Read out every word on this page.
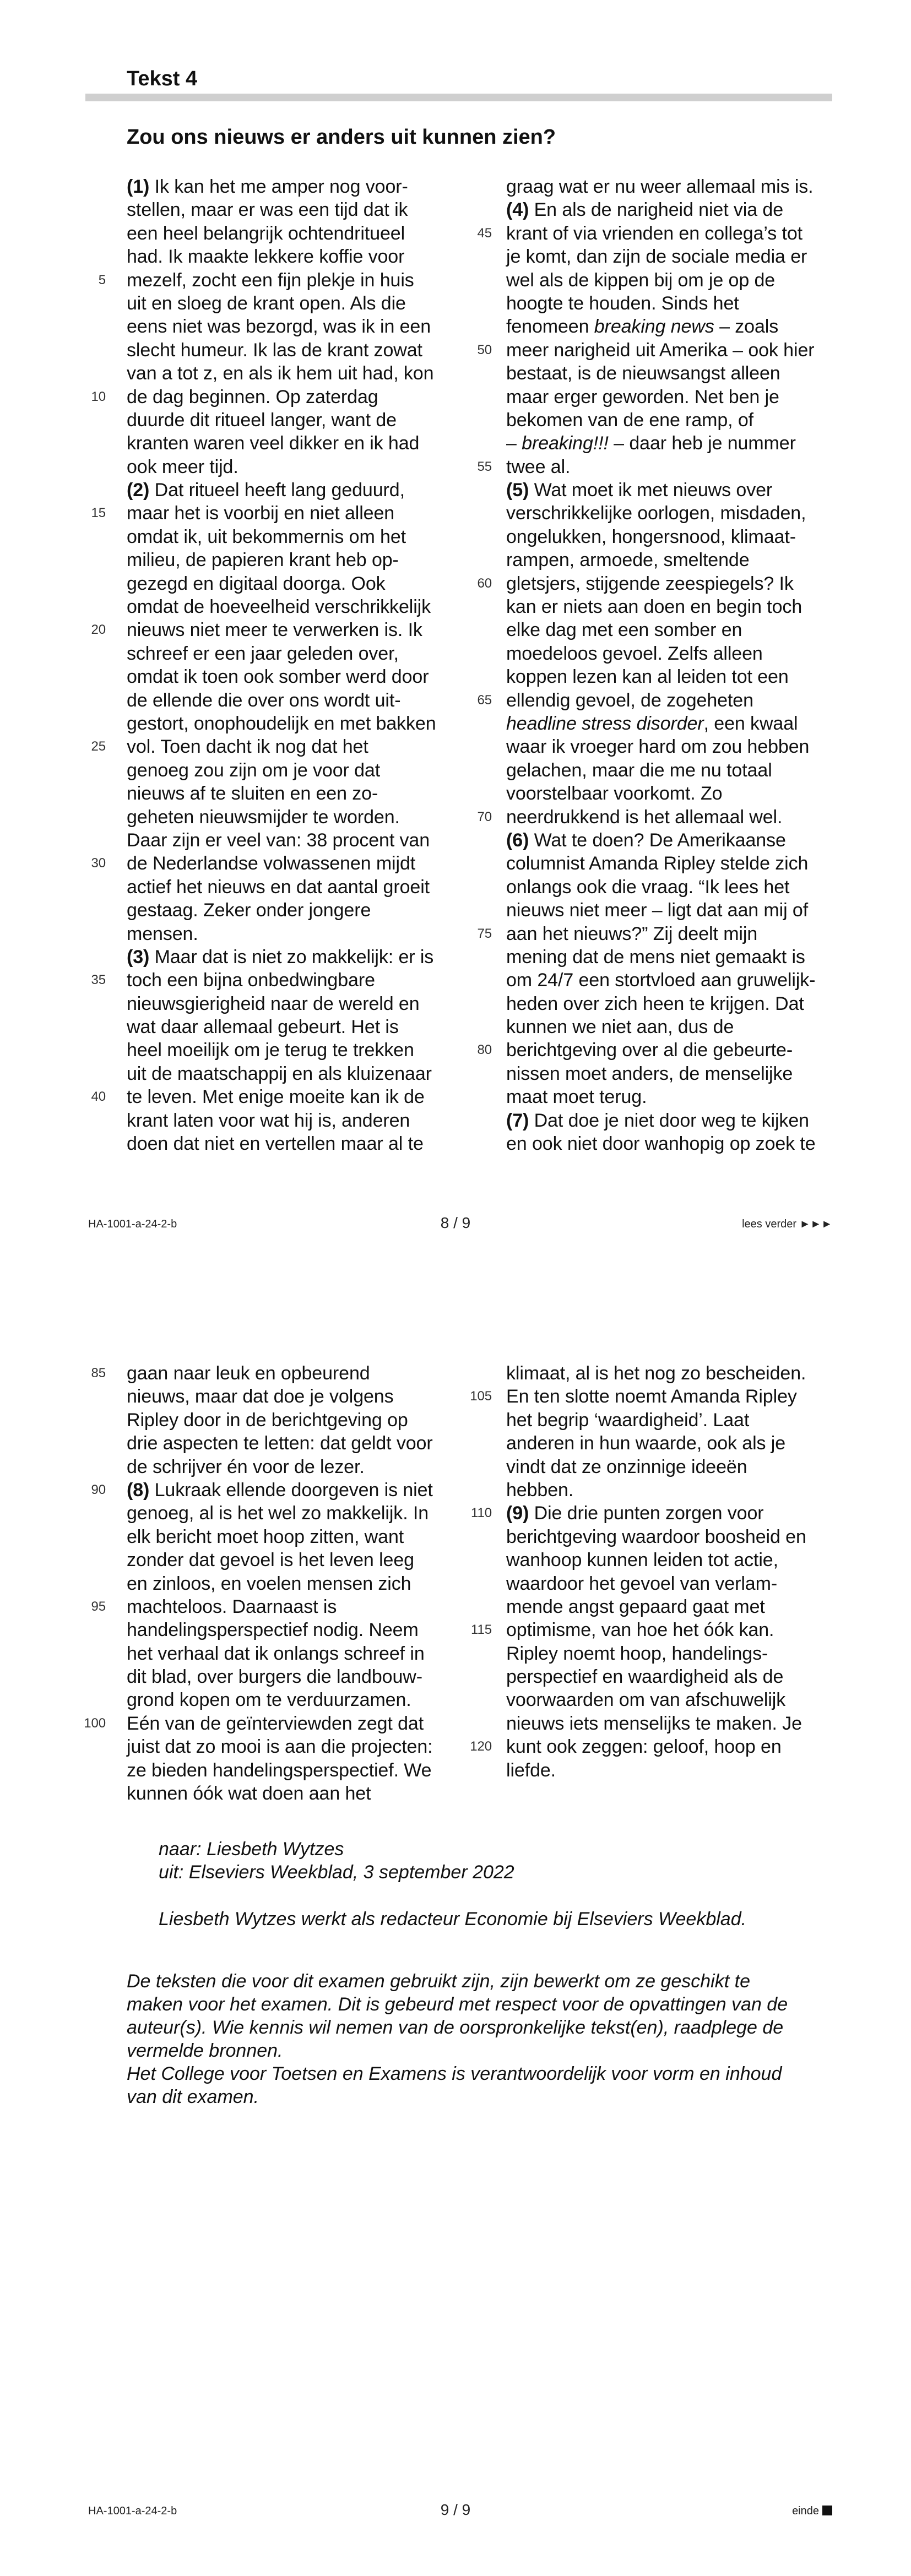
Tekst 4
Zou ons nieuws er anders uit kunnen zien?
(1) Ik kan het me amper nog voor-
stellen, maar er was een tijd dat ik
een heel belangrijk ochtendritueel
had. Ik maakte lekkere koffie voor
5 mezelf, zocht een fijn plekje in huis
uit en sloeg de krant open. Als die
eens niet was bezorgd, was ik in een
slecht humeur. Ik las de krant zowat
van a tot z, en als ik hem uit had, kon
10 de dag beginnen. Op zaterdag
duurde dit ritueel langer, want de
kranten waren veel dikker en ik had
ook meer tijd.
(2) Dat ritueel heeft lang geduurd,
15 maar het is voorbij en niet alleen
omdat ik, uit bekommernis om het
milieu, de papieren krant heb op-
gezegd en digitaal doorga. Ook
omdat de hoeveelheid verschrikkelijk
20 nieuws niet meer te verwerken is. Ik
schreef er een jaar geleden over,
omdat ik toen ook somber werd door
de ellende die over ons wordt uit-
gestort, onophoudelijk en met bakken
25 vol. Toen dacht ik nog dat het
genoeg zou zijn om je voor dat
nieuws af te sluiten en een zo-
geheten nieuwsmijder te worden.
Daar zijn er veel van: 38 procent van
30 de Nederlandse volwassenen mijdt
actief het nieuws en dat aantal groeit
gestaag. Zeker onder jongere
mensen.
(3) Maar dat is niet zo makkelijk: er is
35 toch een bijna onbedwingbare
nieuwsgierigheid naar de wereld en
wat daar allemaal gebeurt. Het is
heel moeilijk om je terug te trekken
uit de maatschappij en als kluizenaar
40 te leven. Met enige moeite kan ik de
krant laten voor wat hij is, anderen
doen dat niet en vertellen maar al te
graag wat er nu weer allemaal mis is.
(4) En als de narigheid niet via de
45 krant of via vrienden en collega’s tot
je komt, dan zijn de sociale media er
wel als de kippen bij om je op de
hoogte te houden. Sinds het
fenomeen breaking news – zoals
50 meer narigheid uit Amerika – ook hier
bestaat, is de nieuwsangst alleen
maar erger geworden. Net ben je
bekomen van de ene ramp, of
– breaking!!! – daar heb je nummer
55 twee al.
(5) Wat moet ik met nieuws over
verschrikkelijke oorlogen, misdaden,
ongelukken, hongersnood, klimaat-
rampen, armoede, smeltende
60 gletsjers, stijgende zeespiegels? Ik
kan er niets aan doen en begin toch
elke dag met een somber en
moedeloos gevoel. Zelfs alleen
koppen lezen kan al leiden tot een
65 ellendig gevoel, de zogeheten
headline stress disorder, een kwaal
waar ik vroeger hard om zou hebben
gelachen, maar die me nu totaal
voorstelbaar voorkomt. Zo
70 neerdrukkend is het allemaal wel.
(6) Wat te doen? De Amerikaanse
columnist Amanda Ripley stelde zich
onlangs ook die vraag. “Ik lees het
nieuws niet meer – ligt dat aan mij of
75 aan het nieuws?” Zij deelt mijn
mening dat de mens niet gemaakt is
om 24/7 een stortvloed aan gruwelijk-
heden over zich heen te krijgen. Dat
kunnen we niet aan, dus de
80 berichtgeving over al die gebeurte-
nissen moet anders, de menselijke
maat moet terug.
(7) Dat doe je niet door weg te kijken
en ook niet door wanhopig op zoek te
HA-1001-a-24-2-b	8 / 9	lees verder ►►►
85 gaan naar leuk en opbeurend
nieuws, maar dat doe je volgens
Ripley door in de berichtgeving op
drie aspecten te letten: dat geldt voor
de schrijver én voor de lezer.
90 (8) Lukraak ellende doorgeven is niet
genoeg, al is het wel zo makkelijk. In
elk bericht moet hoop zitten, want
zonder dat gevoel is het leven leeg
en zinloos, en voelen mensen zich
95 machteloos. Daarnaast is
handelingsperspectief nodig. Neem
het verhaal dat ik onlangs schreef in
dit blad, over burgers die landbouw-
grond kopen om te verduurzamen.
100 Eén van de geïnterviewden zegt dat
juist dat zo mooi is aan die projecten:
ze bieden handelingsperspectief. We
kunnen óók wat doen aan het
klimaat, al is het nog zo bescheiden.
105 En ten slotte noemt Amanda Ripley
het begrip ‘waardigheid’. Laat
anderen in hun waarde, ook als je
vindt dat ze onzinnige ideeën
hebben.
110 (9) Die drie punten zorgen voor
berichtgeving waardoor boosheid en
wanhoop kunnen leiden tot actie,
waardoor het gevoel van verlam-
mende angst gepaard gaat met
115 optimisme, van hoe het óók kan.
Ripley noemt hoop, handelings-
perspectief en waardigheid als de
voorwaarden om van afschuwelijk
nieuws iets menselijks te maken. Je
120 kunt ook zeggen: geloof, hoop en
liefde.
naar: Liesbeth Wytzes
uit: Elseviers Weekblad, 3 september 2022
Liesbeth Wytzes werkt als redacteur Economie bij Elseviers Weekblad.
De teksten die voor dit examen gebruikt zijn, zijn bewerkt om ze geschikt te
maken voor het examen. Dit is gebeurd met respect voor de opvattingen van de
auteur(s). Wie kennis wil nemen van de oorspronkelijke tekst(en), raadplege de
vermelde bronnen.
Het College voor Toetsen en Examens is verantwoordelijk voor vorm en inhoud
van dit examen.
HA-1001-a-24-2-b	9 / 9	einde
